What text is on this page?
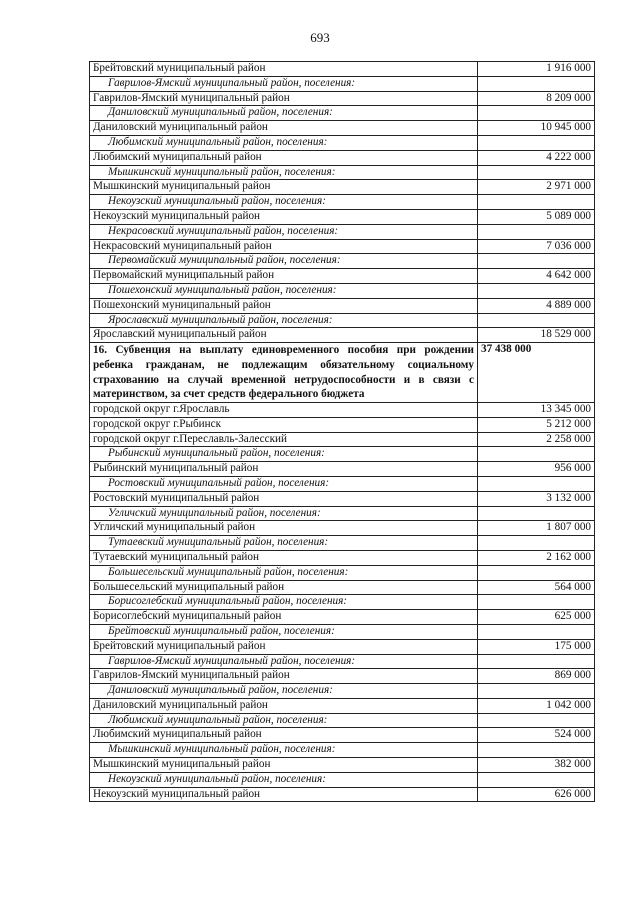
693
Брейтовский муниципальный район	1 916 000
Гаврилов-Ямский муниципальный район, поселения:	
Гаврилов-Ямский муниципальный район	8 209 000
Даниловский муниципальный район, поселения:	
Даниловский муниципальный район	10 945 000
Любимский муниципальный район, поселения:	
Любимский муниципальный район	4 222 000
Мышкинский муниципальный район, поселения:	
Мышкинский муниципальный район	2 971 000
Некоузский муниципальный район, поселения:	
Некоузский муниципальный район	5 089 000
Некрасовский муниципальный район, поселения:	
Некрасовский муниципальный район	7 036 000
Первомайский муниципальный район, поселения:	
Первомайский муниципальный район	4 642 000
Пошехонский муниципальный район, поселения:	
Пошехонский муниципальный район	4 889 000
Ярославский муниципальный район, поселения:	
Ярославский муниципальный район	18 529 000
16. Субвенция на выплату единовременного пособия при рождении ребенка гражданам, не подлежащим обязательному социальному страхованию на случай временной нетрудоспособности и в связи с материнством, за счет средств федерального бюджета	37 438 000
городской округ г.Ярославль	13 345 000
городской округ г.Рыбинск	5 212 000
городской округ г.Переславль-Залесский	2 258 000
Рыбинский муниципальный район, поселения:	
Рыбинский муниципальный район	956 000
Ростовский муниципальный район, поселения:	
Ростовский муниципальный район	3 132 000
Угличский муниципальный район, поселения:	
Угличский муниципальный район	1 807 000
Тутаевский муниципальный район, поселения:	
Тутаевский муниципальный район	2 162 000
Большесельский муниципальный район, поселения:	
Большесельский муниципальный район	564 000
Борисоглебский муниципальный район, поселения:	
Борисоглебский муниципальный район	625 000
Брейтовский муниципальный район, поселения:	
Брейтовский муниципальный район	175 000
Гаврилов-Ямский муниципальный район, поселения:	
Гаврилов-Ямский муниципальный район	869 000
Даниловский муниципальный район, поселения:	
Даниловский муниципальный район	1 042 000
Любимский муниципальный район, поселения:	
Любимский муниципальный район	524 000
Мышкинский муниципальный район, поселения:	
Мышкинский муниципальный район	382 000
Некоузский муниципальный район, поселения:	
Некоузский муниципальный район	626 000
